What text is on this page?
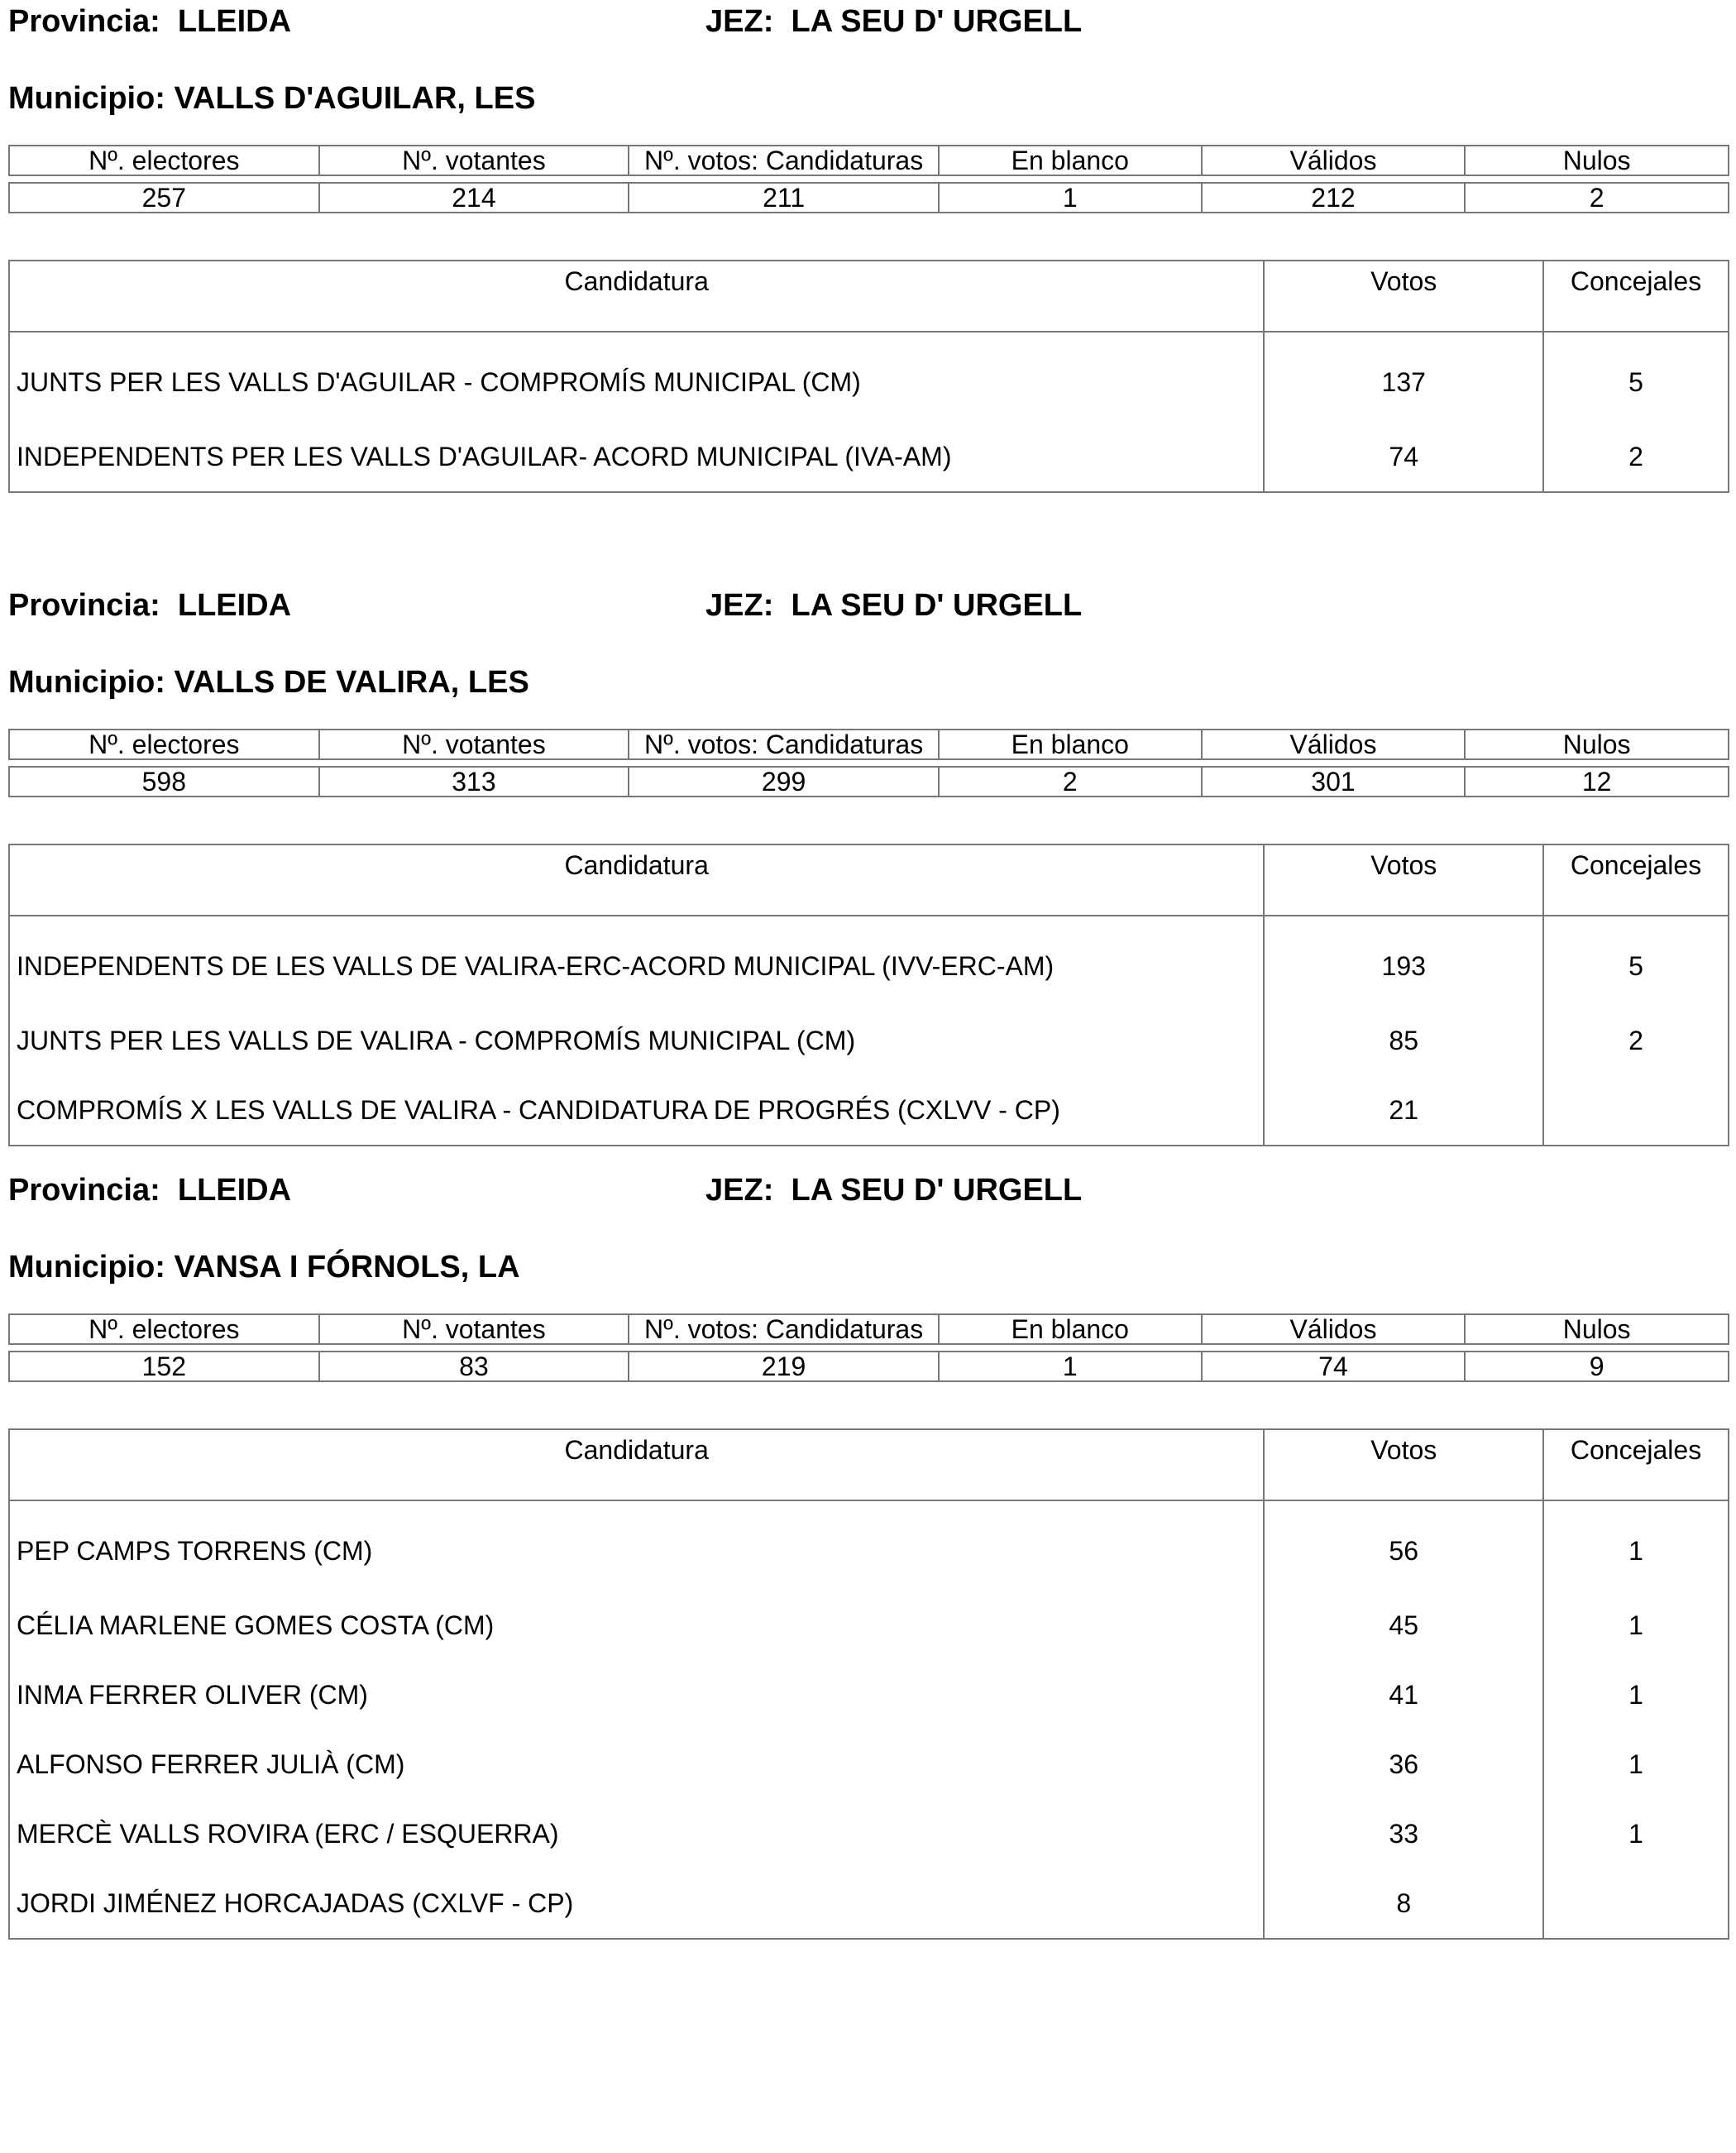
Provincia: LLEIDA	JEZ: LA SEU D' URGELL
Municipio: VALLS D'AGUILAR, LES
Nº. electores	Nº. votantes	Nº. votos: Candidaturas	En blanco	Válidos	Nulos

257	214	211	1	212	2
Candidatura	Votos	Concejales
JUNTS PER LES VALLS D'AGUILAR - COMPROMÍS MUNICIPAL (CM)	137	5
INDEPENDENTS PER LES VALLS D'AGUILAR- ACORD MUNICIPAL (IVA-AM)	74	2
Provincia: LLEIDA	JEZ: LA SEU D' URGELL
Municipio: VALLS DE VALIRA, LES
Nº. electores	Nº. votantes	Nº. votos: Candidaturas	En blanco	Válidos	Nulos

598	313	299	2	301	12
Candidatura	Votos	Concejales
INDEPENDENTS DE LES VALLS DE VALIRA-ERC-ACORD MUNICIPAL (IVV-ERC-AM)	193	5
JUNTS PER LES VALLS DE VALIRA - COMPROMÍS MUNICIPAL (CM)	85	2
COMPROMÍS X LES VALLS DE VALIRA - CANDIDATURA DE PROGRÉS (CXLVV - CP)	21	
Provincia: LLEIDA	JEZ: LA SEU D' URGELL
Municipio: VANSA I FÓRNOLS, LA
Nº. electores	Nº. votantes	Nº. votos: Candidaturas	En blanco	Válidos	Nulos

152	83	219	1	74	9
Candidatura	Votos	Concejales
PEP CAMPS TORRENS (CM)	56	1
CÉLIA MARLENE GOMES COSTA (CM)	45	1
INMA FERRER OLIVER (CM)	41	1
ALFONSO FERRER JULIÀ (CM)	36	1
MERCÈ VALLS ROVIRA (ERC / ESQUERRA)	33	1
JORDI JIMÉNEZ HORCAJADAS (CXLVF - CP)	8	
